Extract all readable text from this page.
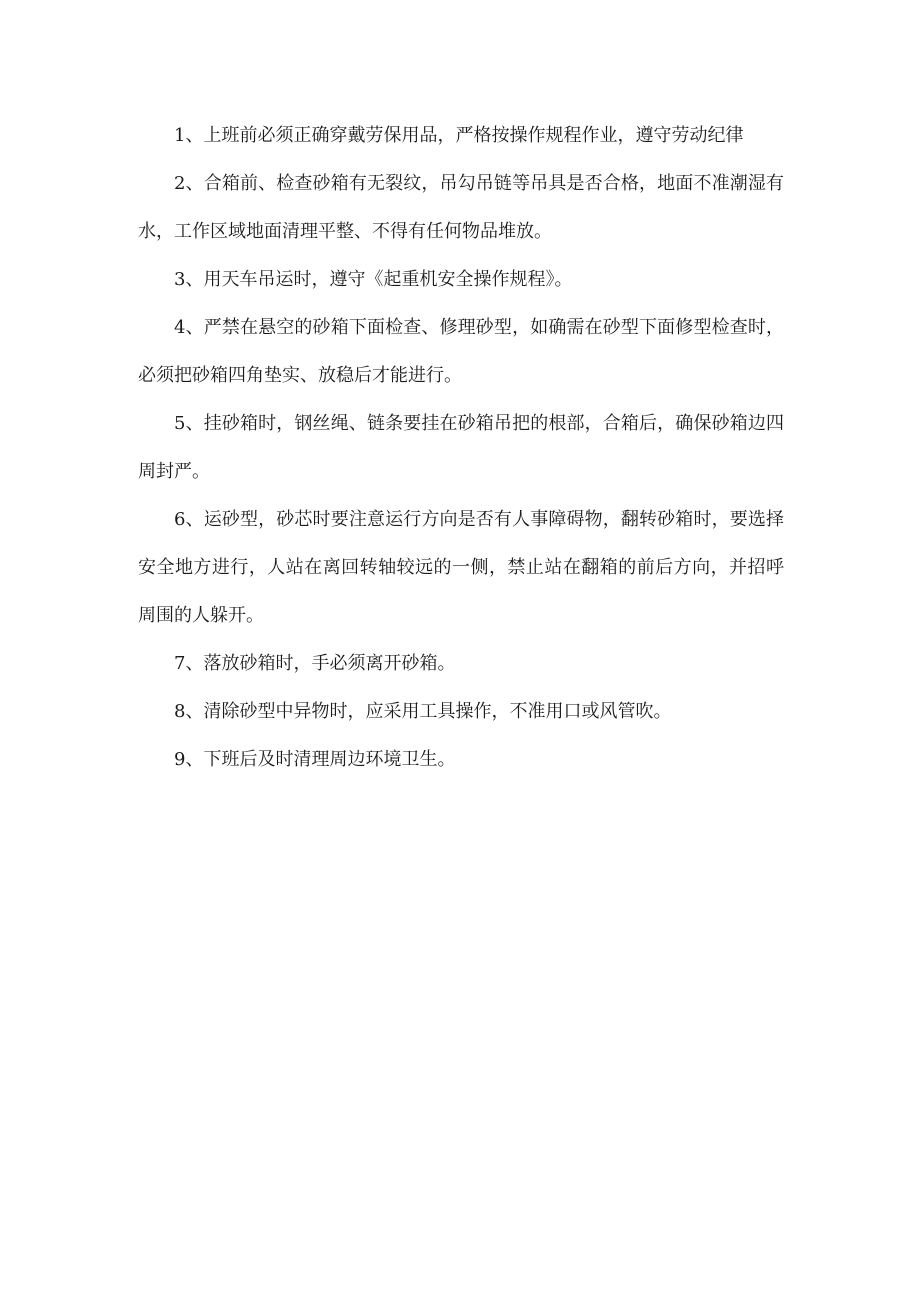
1、上班前必须正确穿戴劳保用品，严格按操作规程作业，遵守劳动纪律

2、合箱前、检查砂箱有无裂纹，吊勾吊链等吊具是否合格，地面不准潮湿有水，工作区域地面清理平整、不得有任何物品堆放。

3、用天车吊运时，遵守《起重机安全操作规程》。

4、严禁在悬空的砂箱下面检查、修理砂型，如确需在砂型下面修型检查时，必须把砂箱四角垫实、放稳后才能进行。

5、挂砂箱时，钢丝绳、链条要挂在砂箱吊把的根部，合箱后，确保砂箱边四周封严。

6、运砂型，砂芯时要注意运行方向是否有人事障碍物，翻转砂箱时，要选择安全地方进行，人站在离回转轴较远的一侧，禁止站在翻箱的前后方向，并招呼周围的人躲开。

7、落放砂箱时，手必须离开砂箱。

8、清除砂型中异物时，应采用工具操作，不准用口或风管吹。

9、下班后及时清理周边环境卫生。
